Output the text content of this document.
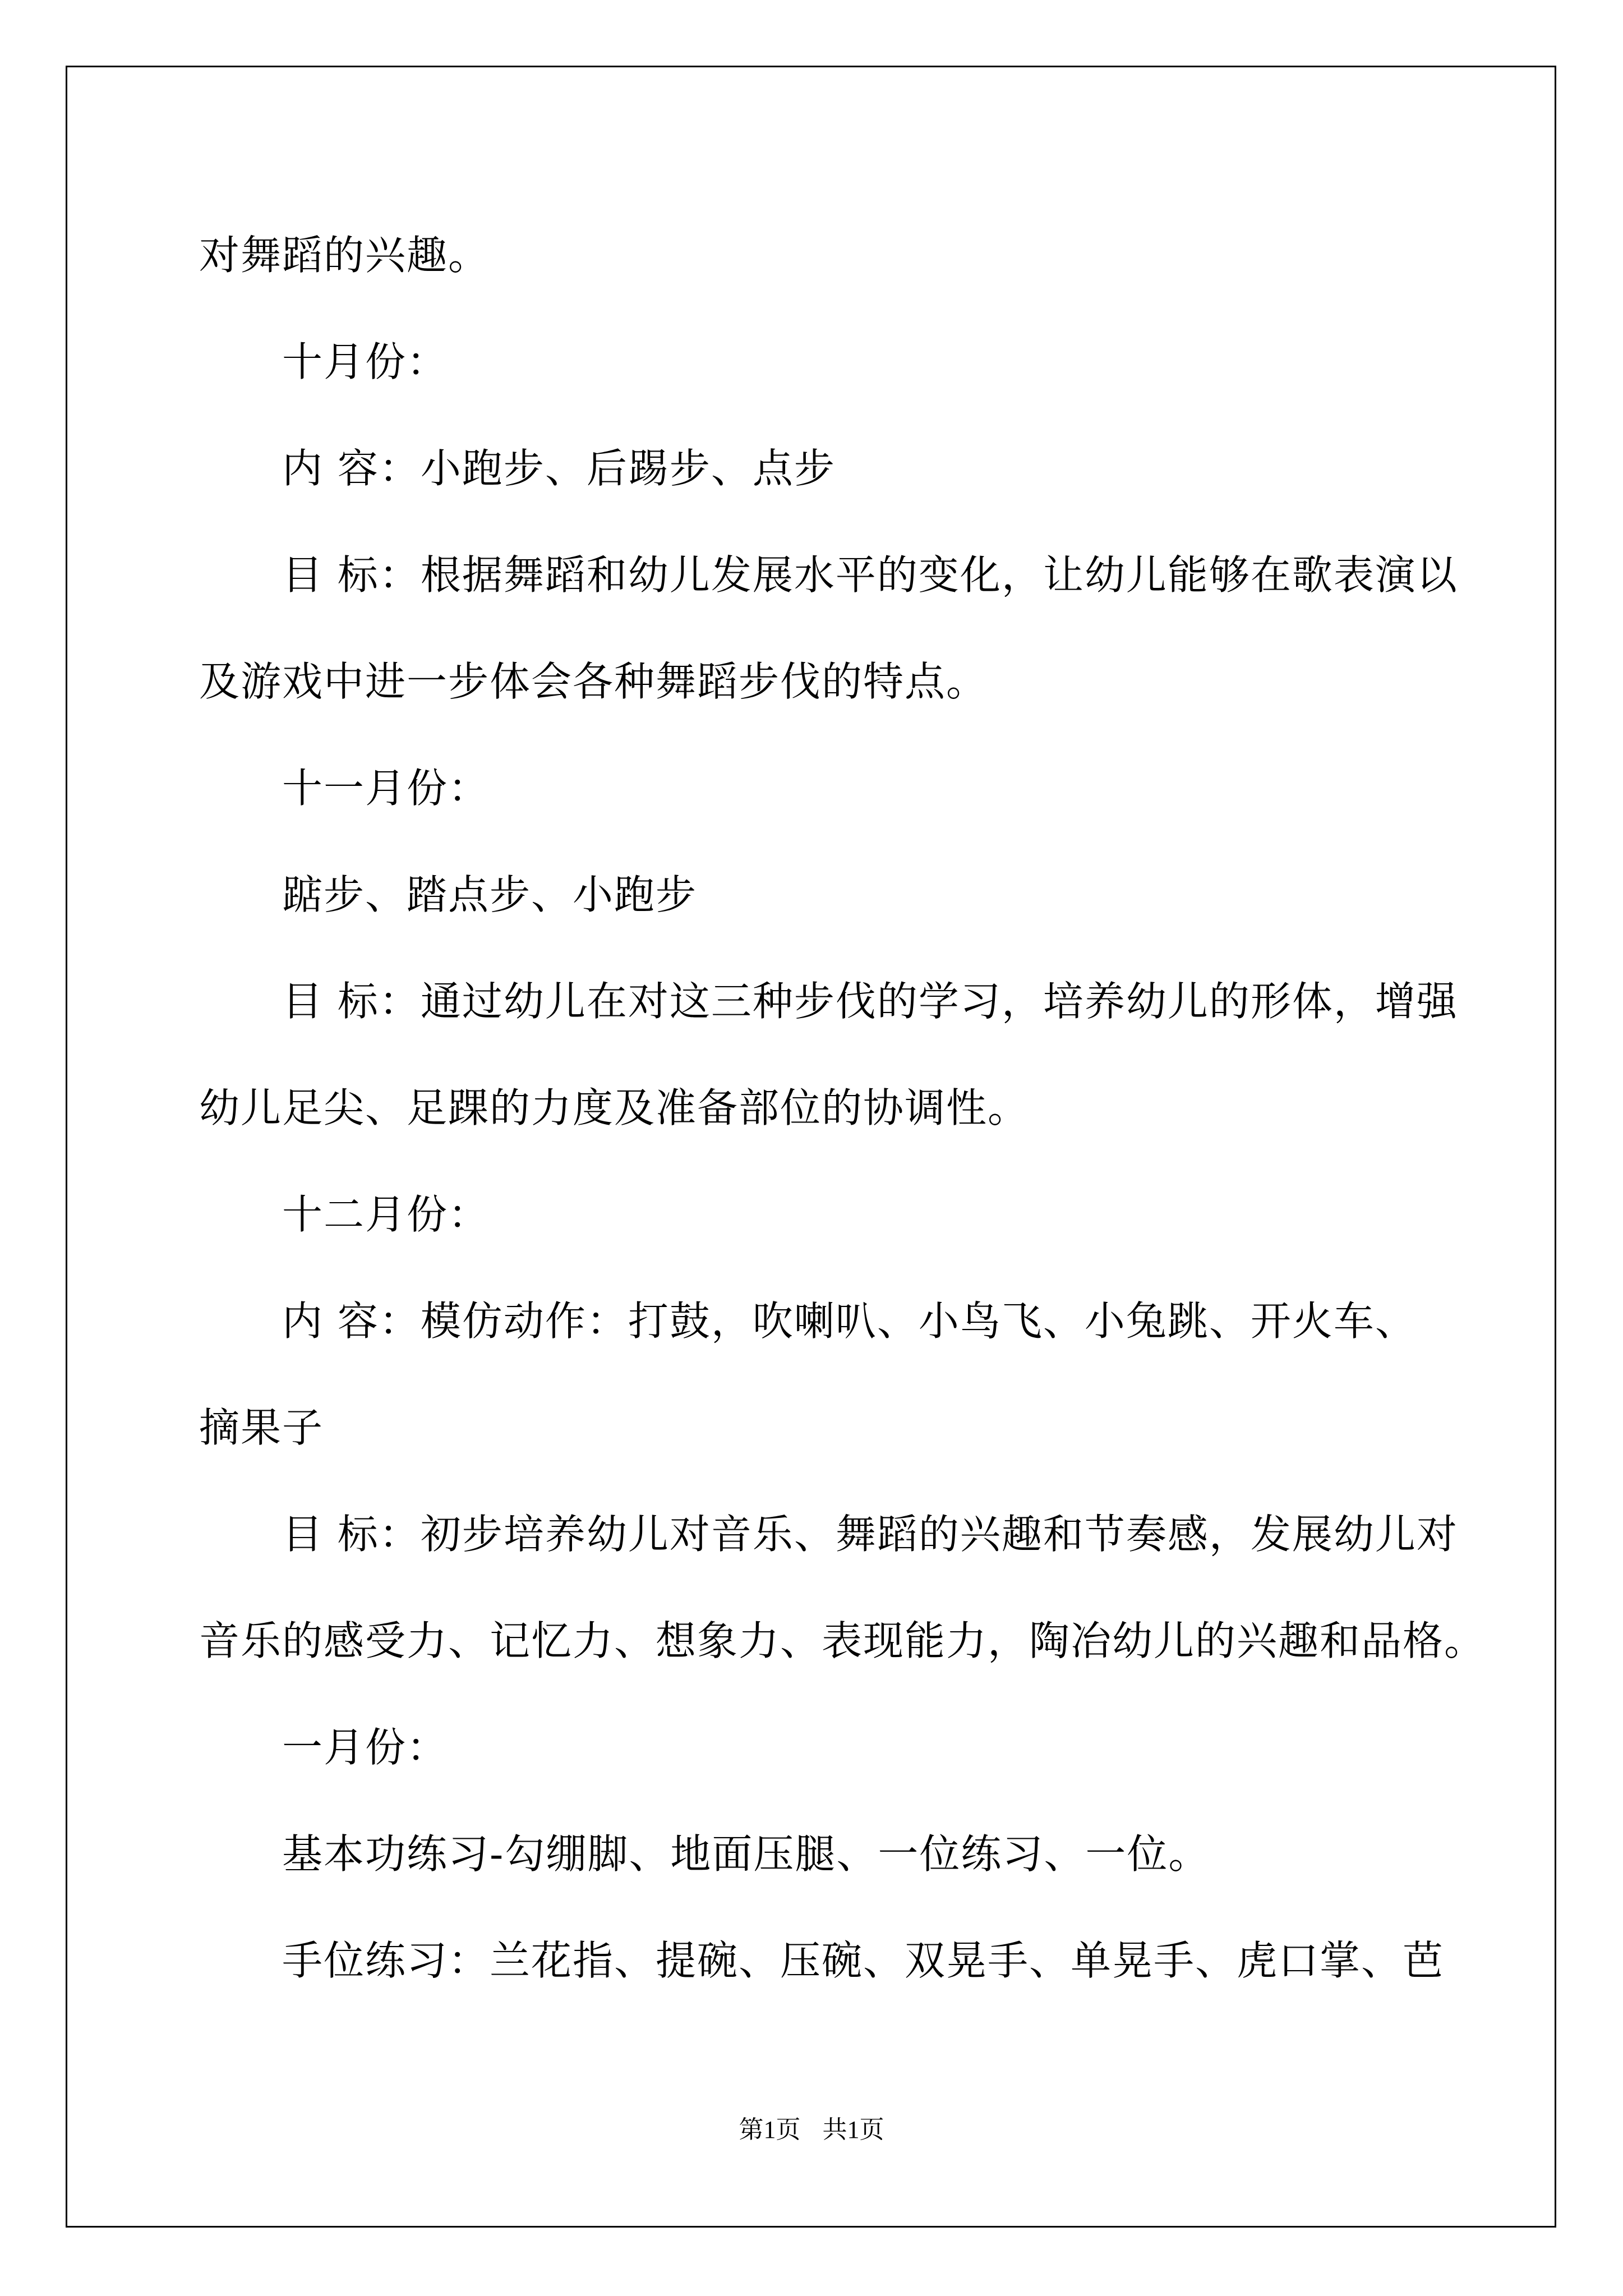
对舞蹈的兴趣。
十月份：
内 容：小跑步、后踢步、点步
目 标：根据舞蹈和幼儿发展水平的变化，让幼儿能够在歌表演以
及游戏中进一步体会各种舞蹈步伐的特点。
十一月份：
踮步、踏点步、小跑步
目 标：通过幼儿在对这三种步伐的学习，培养幼儿的形体，增强
幼儿足尖、足踝的力度及准备部位的协调性。
十二月份：
内 容：模仿动作：打鼓，吹喇叭、小鸟飞、小兔跳、开火车、
摘果子
目 标：初步培养幼儿对音乐、舞蹈的兴趣和节奏感，发展幼儿对
音乐的感受力、记忆力、想象力、表现能力，陶冶幼儿的兴趣和品格。
一月份：
基本功练习-勾绷脚、地面压腿、一位练习、一位。
手位练习：兰花指、提碗、压碗、双晃手、单晃手、虎口掌、芭
第1页 共1页
